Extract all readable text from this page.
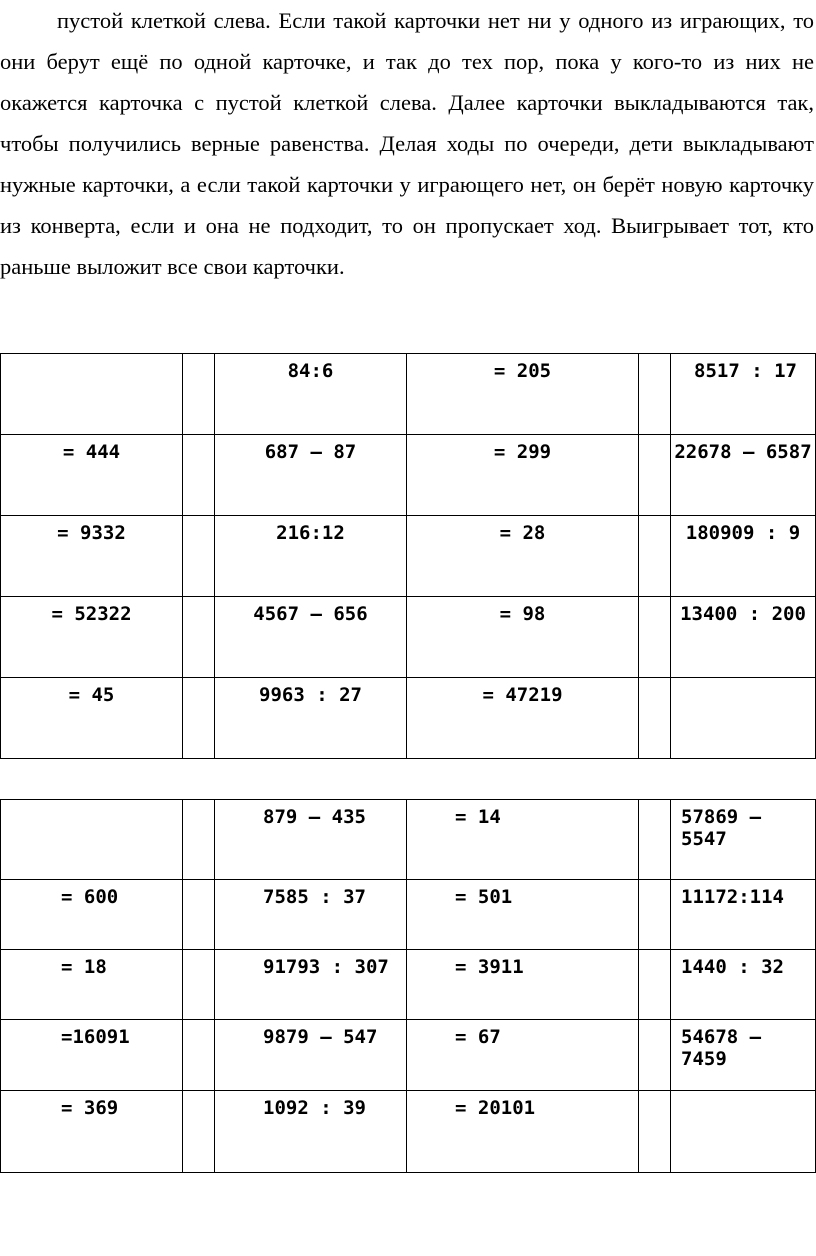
пустой клеткой слева. Если такой карточки нет ни у одного из играющих, то они берут ещё по одной карточке, и так до тех пор, пока у кого-то из них не окажется карточка с пустой клеткой слева. Далее карточки выкладываются так, чтобы получились верные равенства. Делая ходы по очереди, дети выкладывают нужные карточки, а если такой карточки у играющего нет, он берёт новую карточку из конверта, если и она не подходит, то он пропускает ход. Выигрывает тот, кто раньше выложит все свои карточки.

		84:6	= 205		8517 : 17

= 444		687 – 87	= 299		22678 – 6587

= 9332		216:12	= 28		180909 : 9

= 52322		4567 – 656	= 98		13400 : 200

= 45		9963 : 27	= 47219		

		879 – 435	= 14		57869 – 5547

= 600		7585 : 37	= 501		11172:114

= 18		91793 : 307	= 3911		1440 : 32

=16091		9879 – 547	= 67		54678 – 7459

= 369		1092 : 39	= 20101		
